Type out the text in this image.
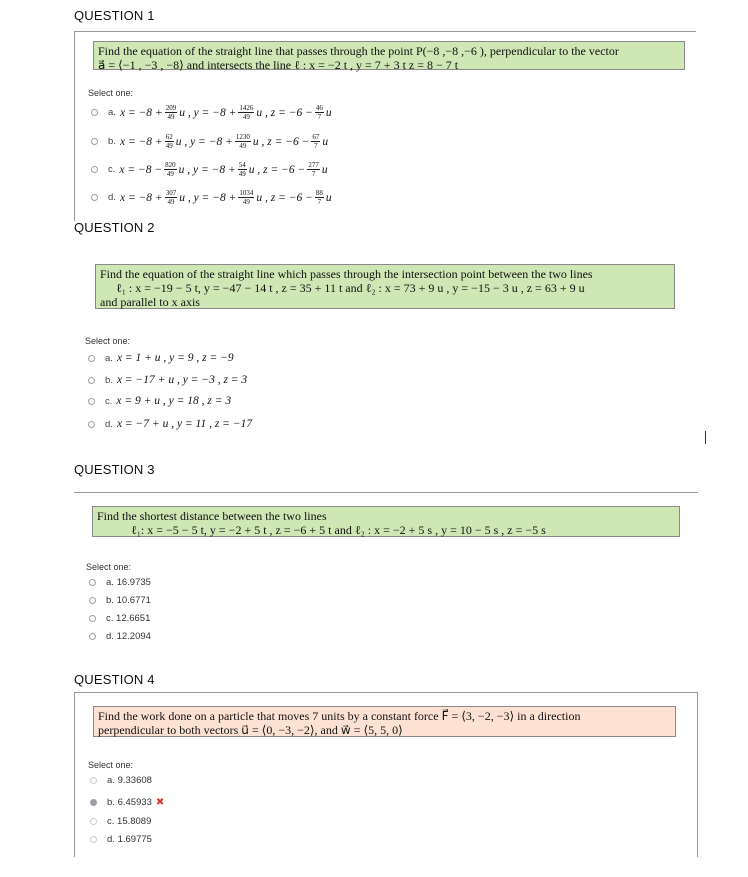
QUESTION 1
Find the equation of the straight line that passes through the point P(−8 ,−8 ,−6 ), perpendicular to the vector
a⃗ = ⟨−1 , −3 , −8⟩ and intersects the line ℓ : x = −2 t , y = 7 + 3 t z = 8 − 7 t
Select one:
a. $x = -8 + \frac{209}{49}$ u , $y = -8 + \frac{1426}{49}$ u , $z = -6 - \frac{46}{7}$ u
b. $x = -8 + \frac{62}{49}$ u , $y = -8 + \frac{1230}{49}$ u , $z = -6 - \frac{67}{7}$ u
c. $x = -8 - \frac{820}{49}$ u , $y = -8 + \frac{54}{49}$ u , $z = -6 - \frac{277}{7}$ u
d. $x = -8 + \frac{307}{49}$ u , $y = -8 + \frac{1034}{49}$ u , $z = -6 - \frac{88}{7}$ u
QUESTION 2
Find the equation of the straight line which passes through the intersection point between the two lines
ℓ₁ : x = −19 − 5 t, y = −47 − 14 t , z = 35 + 11 t and ℓ₂ : x = 73 + 9 u , y = −15 − 3 u , z = 63 + 9 u
and parallel to x axis
Select one:
a. x = 1 + u , y = 9 , z = −9
b. x = −17 + u , y = −3 , z = 3
c. x = 9 + u , y = 18 , z = 3
d. x = −7 + u , y = 11 , z = −17
QUESTION 3
Find the shortest distance between the two lines
ℓ₁: x = −5 − 5 t, y = −2 + 5 t , z = −6 + 5 t and ℓ₂ : x = −2 + 5 s , y = 10 − 5 s , z = −5 s
Select one:
a. 16.9735
b. 10.6771
c. 12.6651
d. 12.2094
QUESTION 4
Find the work done on a particle that moves 7 units by a constant force F⃗ = ⟨3, −2, −3⟩ in a direction
perpendicular to both vectors u⃗ = ⟨0, −3, −2⟩, and w⃗ = ⟨5, 5, 0⟩
Select one:
a. 9.33608
b. 6.45933 ✖
c. 15.8089
d. 1.69775
